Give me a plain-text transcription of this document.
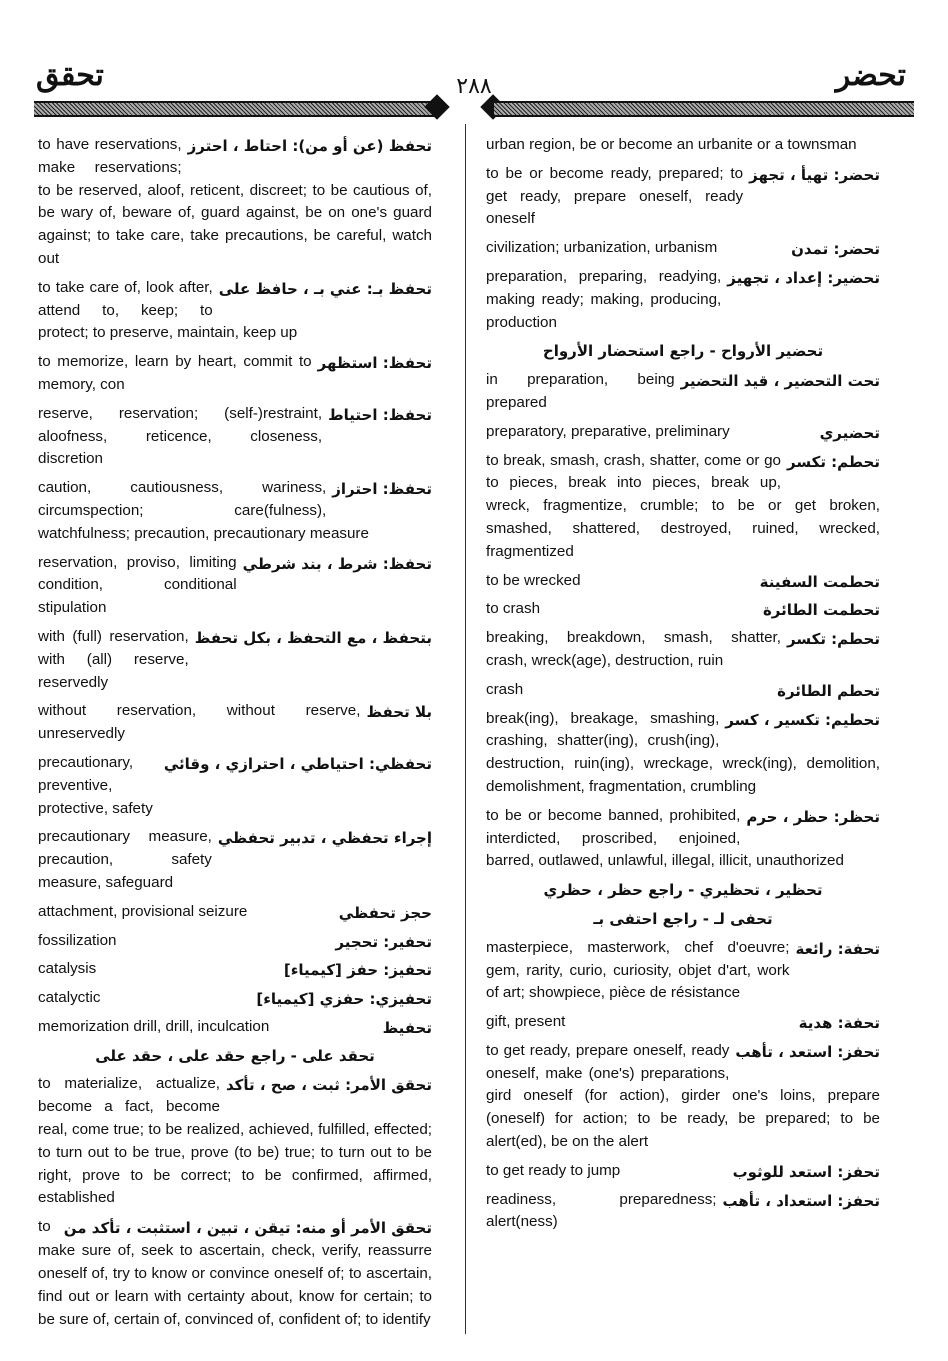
تحقق	٢٨٨	تحضر
تحفظ (عن أو من): احتاط ، احترز
to have reservations, make reservations; to be reserved, aloof, reticent, discreet; to be cautious of, be wary of, beware of, guard against, be on one's guard against; to take care, take precautions, be careful, watch out
تحفظ بـ: عني بـ ، حافظ على
to take care of, look after, attend to, keep; to protect; to preserve, maintain, keep up
تحفظ: استظهر
to memorize, learn by heart, commit to memory, con
تحفظ: احتياط
reserve, reservation; (self-)restraint, aloofness, reticence, closeness, discretion
تحفظ: احتراز
caution, cautiousness, wariness, circumspection; care(fulness), watchfulness; precaution, precautionary measure
تحفظ: شرط ، بند شرطي
reservation, proviso, limiting condition, conditional stipulation
بتحفظ ، مع التحفظ ، بكل تحفظ
with (full) reservation, with (all) reserve, reservedly
بلا تحفظ
without reservation, without reserve, unreservedly
تحفظي: احتياطي ، احترازي ، وقائي
precautionary, preventive, protective, safety
إجراء تحفظي ، تدبير تحفظي
precautionary measure, precaution, safety measure, safeguard
حجز تحفظي
attachment, provisional seizure
تحفير: تحجير
fossilization
تحفيز: حفز [كيمياء]
catalysis
تحفيزي: حفزي [كيمياء]
catalyctic
تحفيظ
memorization drill, drill, inculcation
تحقد على - راجع حقد على ، حقد على
تحقق الأمر: ثبت ، صح ، تأكد
to materialize, actualize, become a fact, become real, come true; to be realized, achieved, fulfilled, effected; to turn out to be true, prove (to be) true; to turn out to be right, prove to be correct; to be confirmed, affirmed, established
تحقق الأمر أو منه: تيقن ، تبين ، استثبت ، تأكد من
to make sure of, seek to ascertain, check, verify, reassurre oneself of, try to know or convince oneself of; to ascertain, find out or learn with certainty about, know for certain; to be sure of, certain of, convinced of, confident of; to identify
urban region, be or become an urbanite or a townsman
تحضر: تهيأ ، تجهز
to be or become ready, prepared; to get ready, prepare oneself, ready oneself
تحضر: تمدن
civilization; urbanization, urbanism
تحضير: إعداد ، تجهيز
preparation, preparing, readying, making ready; making, producing, production
تحضير الأرواح - راجع استحضار الأرواح
تحت التحضير ، قيد التحضير
in preparation, being prepared
تحضيري
preparatory, preparative, preliminary
تحطم: تكسر
to break, smash, crash, shatter, come or go to pieces, break into pieces, break up, wreck, fragmentize, crumble; to be or get broken, smashed, shattered, destroyed, ruined, wrecked, fragmentized
تحطمت السفينة
to be wrecked
تحطمت الطائرة
to crash
تحطم: تكسر
breaking, breakdown, smash, shatter, crash, wreck(age), destruction, ruin
تحطم الطائرة
crash
تحطيم: تكسير ، كسر
break(ing), breakage, smashing, crashing, shatter(ing), crush(ing), destruction, ruin(ing), wreckage, wreck(ing), demolition, demolishment, fragmentation, crumbling
تحظر: حظر ، حرم
to be or become banned, prohibited, interdicted, proscribed, enjoined, barred, outlawed, unlawful, illegal, illicit, unauthorized
تحظير ، تحظيري - راجع حظر ، حظري
تحفى لـ - راجع احتفى بـ
تحفة: رائعة
masterpiece, masterwork, chef d'oeuvre; gem, rarity, curio, curiosity, objet d'art, work of art; showpiece, pièce de résistance
تحفة: هدية
gift, present
تحفز: استعد ، تأهب
to get ready, prepare oneself, ready oneself, make (one's) preparations, gird oneself (for action), girder one's loins, prepare (oneself) for action; to be ready, be prepared; to be alert(ed), be on the alert
تحفز: استعد للوثوب
to get ready to jump
تحفز: استعداد ، تأهب
readiness, preparedness; alert(ness)
